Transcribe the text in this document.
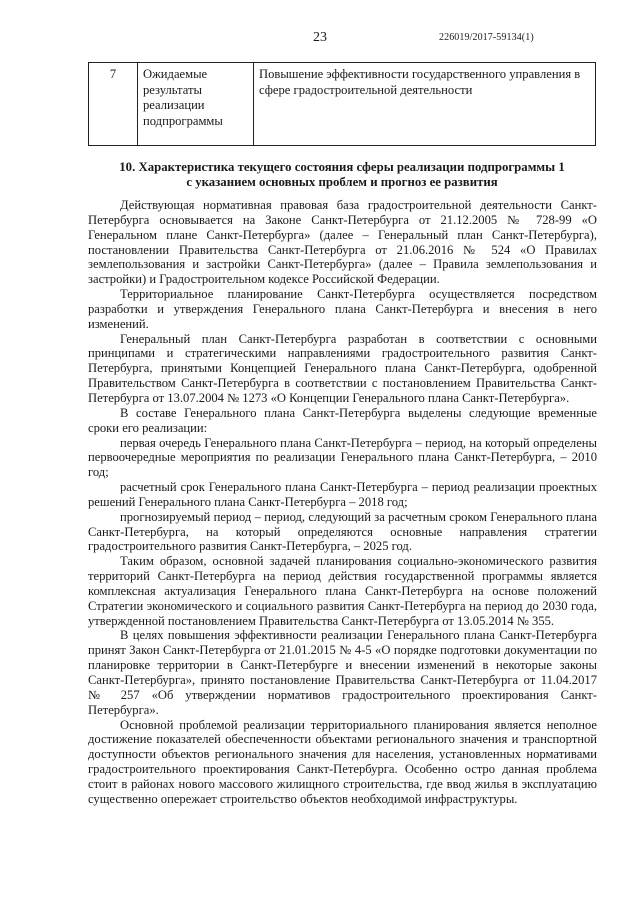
23	226019/2017-59134(1)
7	Ожидаемые результаты реализации подпрограммы	Повышение эффективности государственного управления в сфере градостроительной деятельности
10. Характеристика текущего состояния сферы реализации подпрограммы 1
с указанием основных проблем и прогноз ее развития

Действующая нормативная правовая база градостроительной деятельности Санкт-Петербурга основывается на Законе Санкт-Петербурга от 21.12.2005 № 728-99 «О Генеральном плане Санкт-Петербурга» (далее – Генеральный план Санкт-Петербурга), постановлении Правительства Санкт-Петербурга от 21.06.2016 № 524 «О Правилах землепользования и застройки Санкт-Петербурга» (далее – Правила землепользования и застройки) и Градостроительном кодексе Российской Федерации.

Территориальное планирование Санкт-Петербурга осуществляется посредством разработки и утверждения Генерального плана Санкт-Петербурга и внесения в него изменений.

Генеральный план Санкт-Петербурга разработан в соответствии с основными принципами и стратегическими направлениями градостроительного развития Санкт-Петербурга, принятыми Концепцией Генерального плана Санкт-Петербурга, одобренной Правительством Санкт-Петербурга в соответствии с постановлением Правительства Санкт-Петербурга от 13.07.2004 № 1273 «О Концепции Генерального плана Санкт-Петербурга».

В составе Генерального плана Санкт-Петербурга выделены следующие временные сроки его реализации:

первая очередь Генерального плана Санкт-Петербурга – период, на который определены первоочередные мероприятия по реализации Генерального плана Санкт-Петербурга, – 2010 год;

расчетный срок Генерального плана Санкт-Петербурга – период реализации проектных решений Генерального плана Санкт-Петербурга – 2018 год;

прогнозируемый период – период, следующий за расчетным сроком Генерального плана Санкт-Петербурга, на который определяются основные направления стратегии градостроительного развития Санкт-Петербурга, – 2025 год.

Таким образом, основной задачей планирования социально-экономического развития территорий Санкт-Петербурга на период действия государственной программы является комплексная актуализация Генерального плана Санкт-Петербурга на основе положений Стратегии экономического и социального развития Санкт-Петербурга на период до 2030 года, утвержденной постановлением Правительства Санкт-Петербурга от 13.05.2014 № 355.

В целях повышения эффективности реализации Генерального плана Санкт-Петербурга принят Закон Санкт-Петербурга от 21.01.2015 № 4-5 «О порядке подготовки документации по планировке территории в Санкт-Петербурге и внесении изменений в некоторые законы Санкт-Петербурга», принято постановление Правительства Санкт-Петербурга от 11.04.2017 № 257 «Об утверждении нормативов градостроительного проектирования Санкт-Петербурга».

Основной проблемой реализации территориального планирования является неполное достижение показателей обеспеченности объектами регионального значения и транспортной доступности объектов регионального значения для населения, установленных нормативами градостроительного проектирования Санкт-Петербурга. Особенно остро данная проблема стоит в районах нового массового жилищного строительства, где ввод жилья в эксплуатацию существенно опережает строительство объектов необходимой инфраструктуры.
